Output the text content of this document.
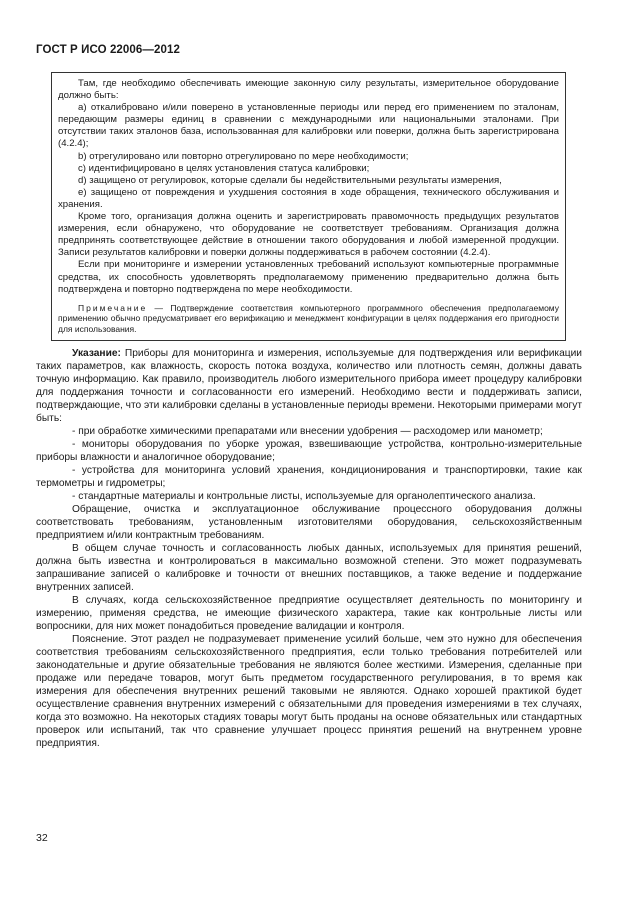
ГОСТ Р ИСО 22006—2012

Там, где необходимо обеспечивать имеющие законную силу результаты, измерительное оборудование должно быть:

a) откалибровано и/или поверено в установленные периоды или перед его применением по эталонам, передающим размеры единиц в сравнении с международными или национальными эталонами. При отсутствии таких эталонов база, использованная для калибровки или поверки, должна быть зарегистрирована (4.2.4);

b) отрегулировано или повторно отрегулировано по мере необходимости;

c) идентифицировано в целях установления статуса калибровки;

d) защищено от регулировок, которые сделали бы недействительными результаты измерения,

e) защищено от повреждения и ухудшения состояния в ходе обращения, технического обслуживания и хранения.

Кроме того, организация должна оценить и зарегистрировать правомочность предыдущих результатов измерения, если обнаружено, что оборудование не соответствует требованиям. Организация должна предпринять соответствующее действие в отношении такого оборудования и любой измеренной продукции. Записи результатов калибровки и поверки должны поддерживаться в рабочем состоянии (4.2.4).

Если при мониторинге и измерении установленных требований используют компьютерные программные средства, их способность удовлетворять предполагаемому применению предварительно должна быть подтверждена и повторно подтверждена по мере необходимости.

Примечание — Подтверждение соответствия компьютерного программного обеспечения предполагаемому применению обычно предусматривает его верификацию и менеджмент конфигурации в целях поддержания его пригодности для использования.

Указание: Приборы для мониторинга и измерения, используемые для подтверждения или верификации таких параметров, как влажность, скорость потока воздуха, количество или плотность семян, должны давать точную информацию. Как правило, производитель любого измерительного прибора имеет процедуру калибровки для поддержания точности и согласованности его измерений. Необходимо вести и поддерживать записи, подтверждающие, что эти калибровки сделаны в установленные периоды времени. Некоторыми примерами могут быть:

- при обработке химическими препаратами или внесении удобрения — расходомер или манометр;

- мониторы оборудования по уборке урожая, взвешивающие устройства, контрольно-измерительные приборы влажности и аналогичное оборудование;

- устройства для мониторинга условий хранения, кондиционирования и транспортировки, такие как термометры и гидрометры;

- стандартные материалы и контрольные листы, используемые для органолептического анализа.

Обращение, очистка и эксплуатационное обслуживание процессного оборудования должны соответствовать требованиям, установленным изготовителями оборудования, сельскохозяйственным предприятием и/или контрактным требованиям.

В общем случае точность и согласованность любых данных, используемых для принятия решений, должна быть известна и контролироваться в максимально возможной степени. Это может подразумевать запрашивание записей о калибровке и точности от внешних поставщиков, а также ведение и поддержание внутренних записей.

В случаях, когда сельскохозяйственное предприятие осуществляет деятельность по мониторингу и измерению, применяя средства, не имеющие физического характера, такие как контрольные листы или вопросники, для них может понадобиться проведение валидации и контроля.

Пояснение. Этот раздел не подразумевает применение усилий больше, чем это нужно для обеспечения соответствия требованиям сельскохозяйственного предприятия, если только требования потребителей или законодательные и другие обязательные требования не являются более жесткими. Измерения, сделанные при продаже или передаче товаров, могут быть предметом государственного регулирования, в то время как измерения для обеспечения внутренних решений таковыми не являются. Однако хорошей практикой будет осуществление сравнения внутренних измерений с обязательными для проведения измерениями в тех случаях, когда это возможно. На некоторых стадиях товары могут быть проданы на основе обязательных или стандартных проверок или испытаний, так что сравнение улучшает процесс принятия решений на внутреннем уровне предприятия.

32
